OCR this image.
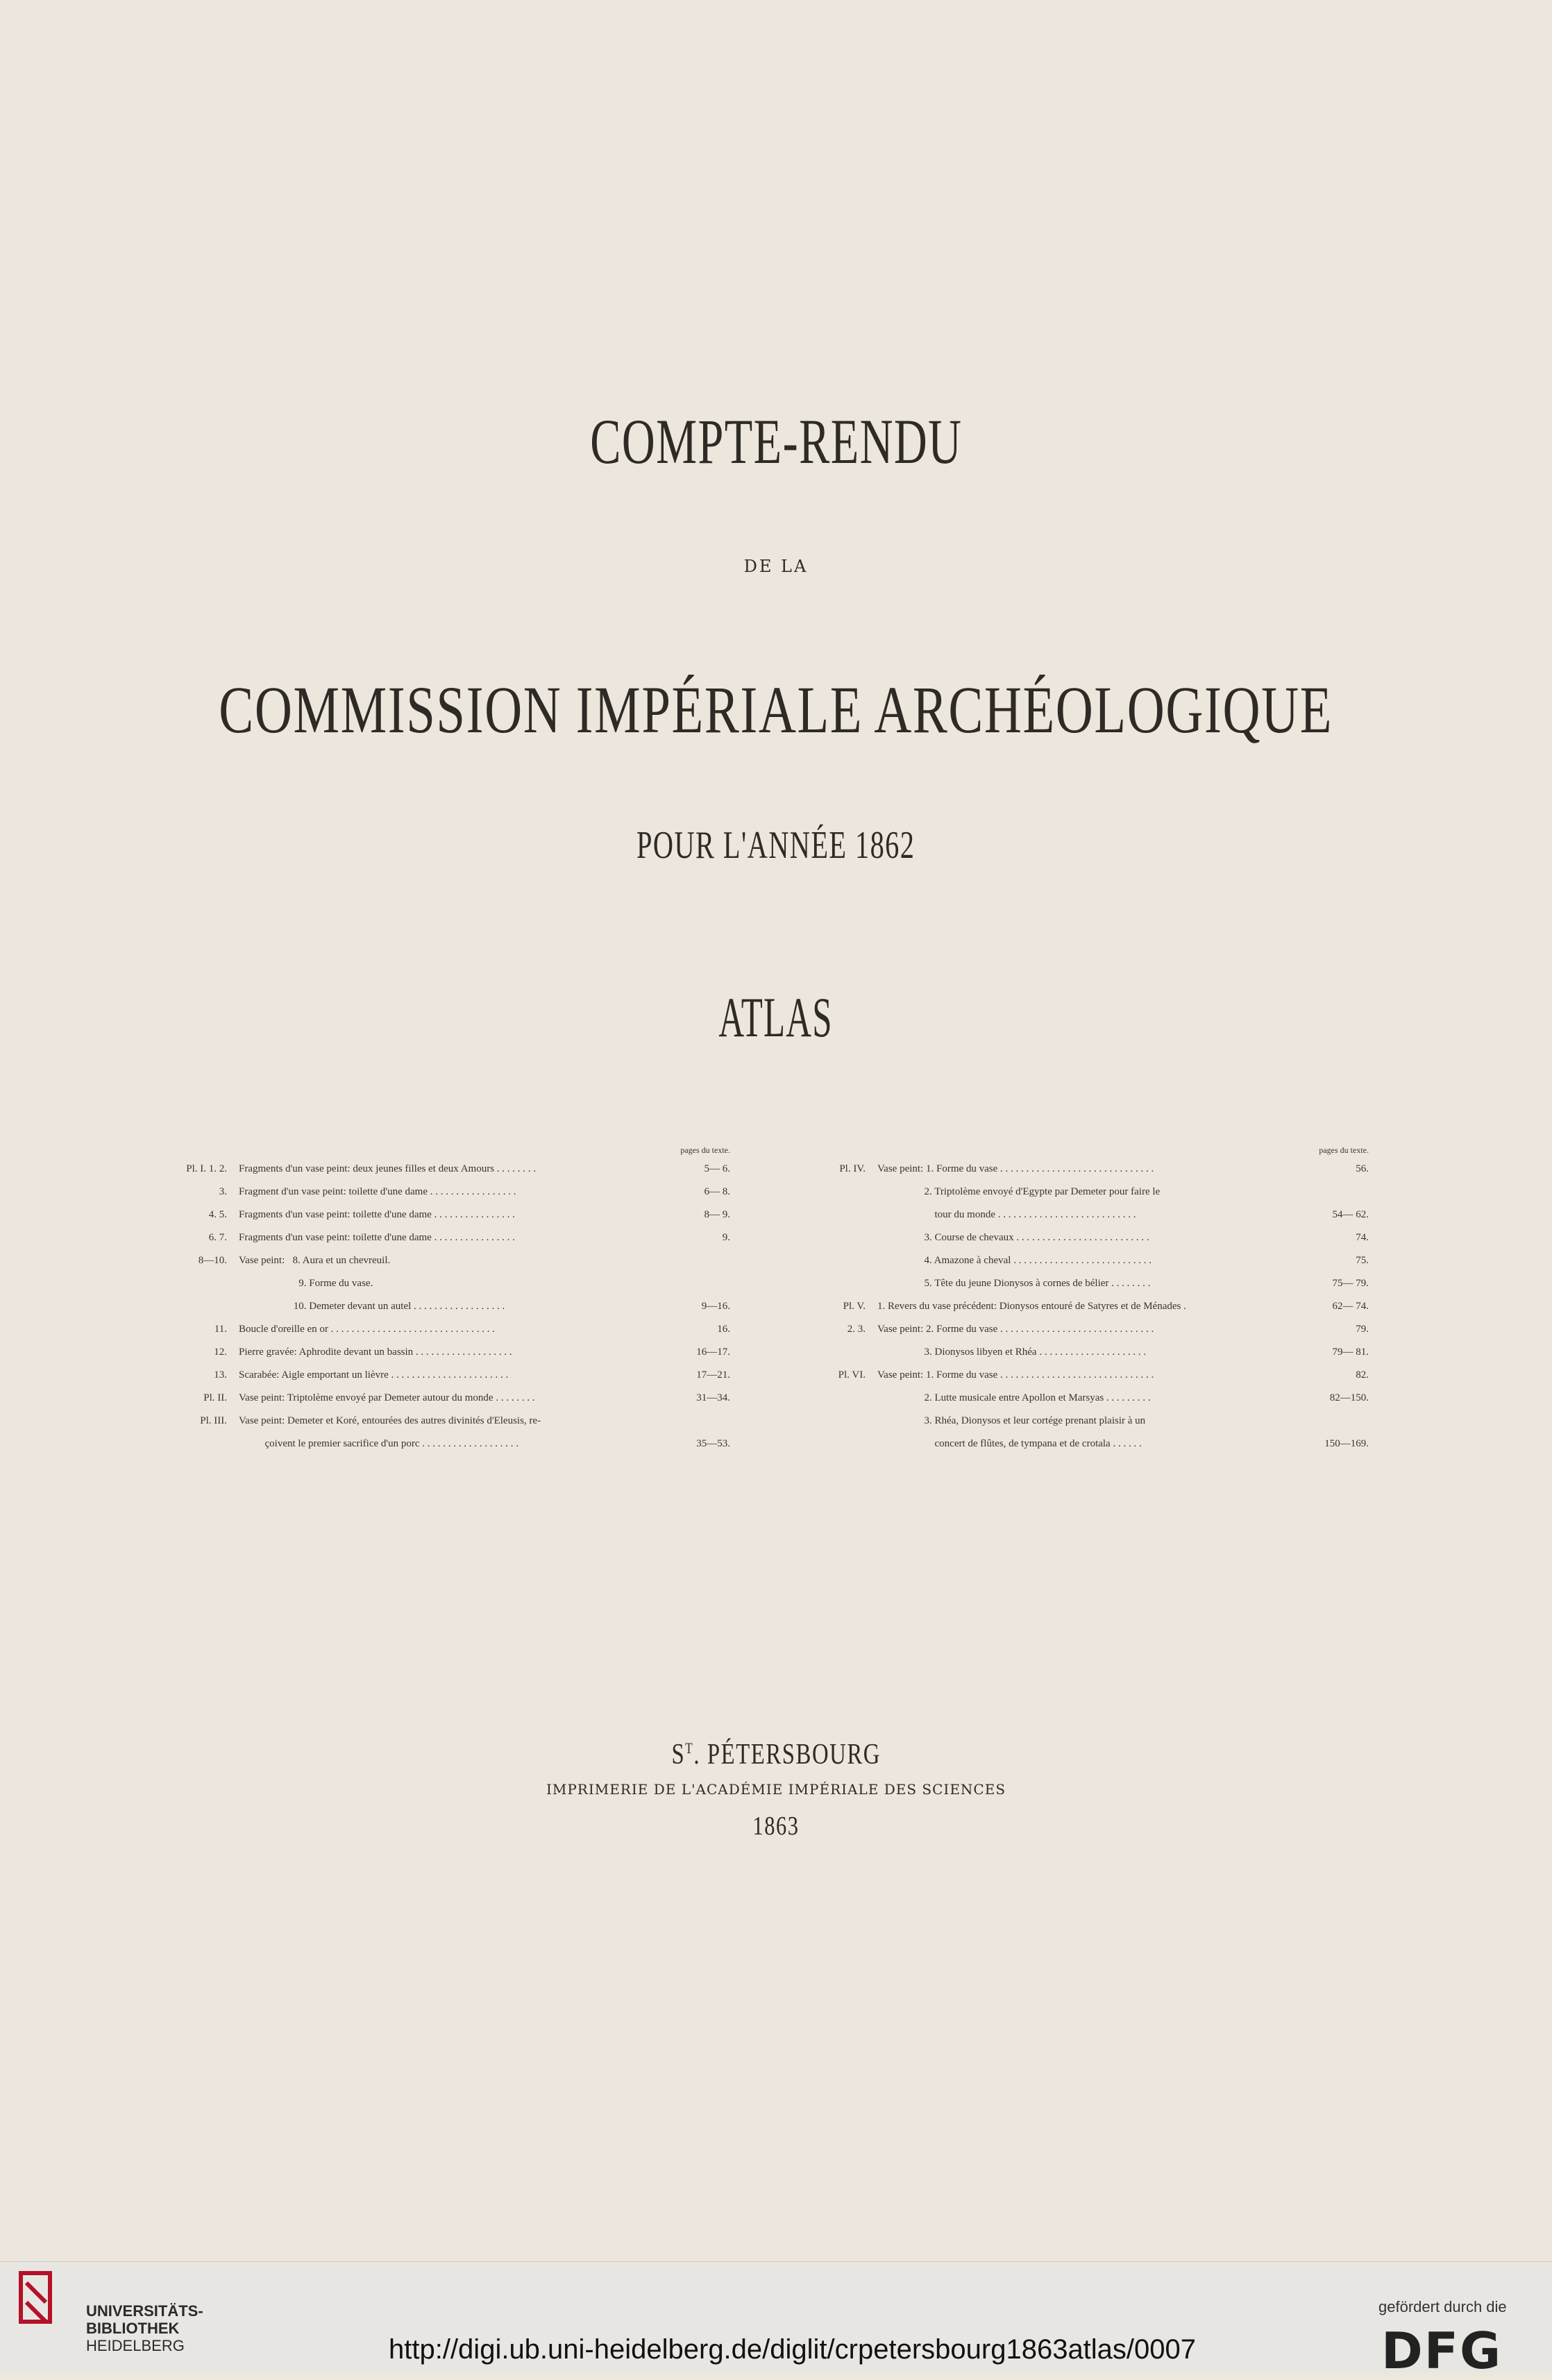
COMPTE-RENDU
DE LA
COMMISSION IMPÉRIALE ARCHÉOLOGIQUE
POUR L'ANNÉE 1862
ATLAS
pages du texte.
Pl. I. 1. 2. Fragments d'un vase peint: deux jeunes filles et deux Amours . . . . . . . .	5— 6.
3. Fragment d'un vase peint: toilette d'une dame . . . . . . . . . . . . . . . . .	6— 8.
4. 5. Fragments d'un vase peint: toilette d'une dame . . . . . . . . . . . . . . . .	8— 9.
6. 7. Fragments d'un vase peint: toilette d'une dame . . . . . . . . . . . . . . . .	9.
8—10. Vase peint:   8. Aura et un chevreuil.
9. Forme du vase.
10. Demeter devant un autel . . . . . . . . . . . . . . . . . .	9—16.
11. Boucle d'oreille en or . . . . . . . . . . . . . . . . . . . . . . . . . . . . . . . .	16.
12. Pierre gravée: Aphrodite devant un bassin . . . . . . . . . . . . . . . . . . .	16—17.
13. Scarabée: Aigle emportant un lièvre . . . . . . . . . . . . . . . . . . . . . . .	17—21.
Pl. II. Vase peint: Triptolème envoyé par Demeter autour du monde . . . . . . . .	31—34.
Pl. III. Vase peint: Demeter et Koré, entourées des autres divinités d'Eleusis, re-
çoivent le premier sacrifice d'un porc . . . . . . . . . . . . . . . . . . .	35—53.
pages du texte.
Pl. IV. Vase peint: 1. Forme du vase . . . . . . . . . . . . . . . . . . . . . . . . . . . . . .	56.
2. Triptolème envoyé d'Egypte par Demeter pour faire le
tour du monde . . . . . . . . . . . . . . . . . . . . . . . . . . .	54— 62.
3. Course de chevaux . . . . . . . . . . . . . . . . . . . . . . . . . .	74.
4. Amazone à cheval . . . . . . . . . . . . . . . . . . . . . . . . . . .	75.
5. Tête du jeune Dionysos à cornes de bélier . . . . . . . .	75— 79.
Pl. V. 1. Revers du vase précédent: Dionysos entouré de Satyres et de Ménades .	62— 74.
2. 3. Vase peint: 2. Forme du vase . . . . . . . . . . . . . . . . . . . . . . . . . . . . . .	79.
3. Dionysos libyen et Rhéa . . . . . . . . . . . . . . . . . . . . .	79— 81.
Pl. VI. Vase peint: 1. Forme du vase . . . . . . . . . . . . . . . . . . . . . . . . . . . . . .	82.
2. Lutte musicale entre Apollon et Marsyas . . . . . . . . .	82—150.
3. Rhéa, Dionysos et leur cortége prenant plaisir à un
concert de flûtes, de tympana et de crotala . . . . . .	150—169.
$S^T$. PÉTERSBOURG
IMPRIMERIE DE L'ACADÉMIE IMPÉRIALE DES SCIENCES
1863
UNIVERSITÄTS-
BIBLIOTHEK
HEIDELBERG	http://digi.ub.uni-heidelberg.de/diglit/crpetersbourg1863atlas/0007
gefördert durch die
DFG
